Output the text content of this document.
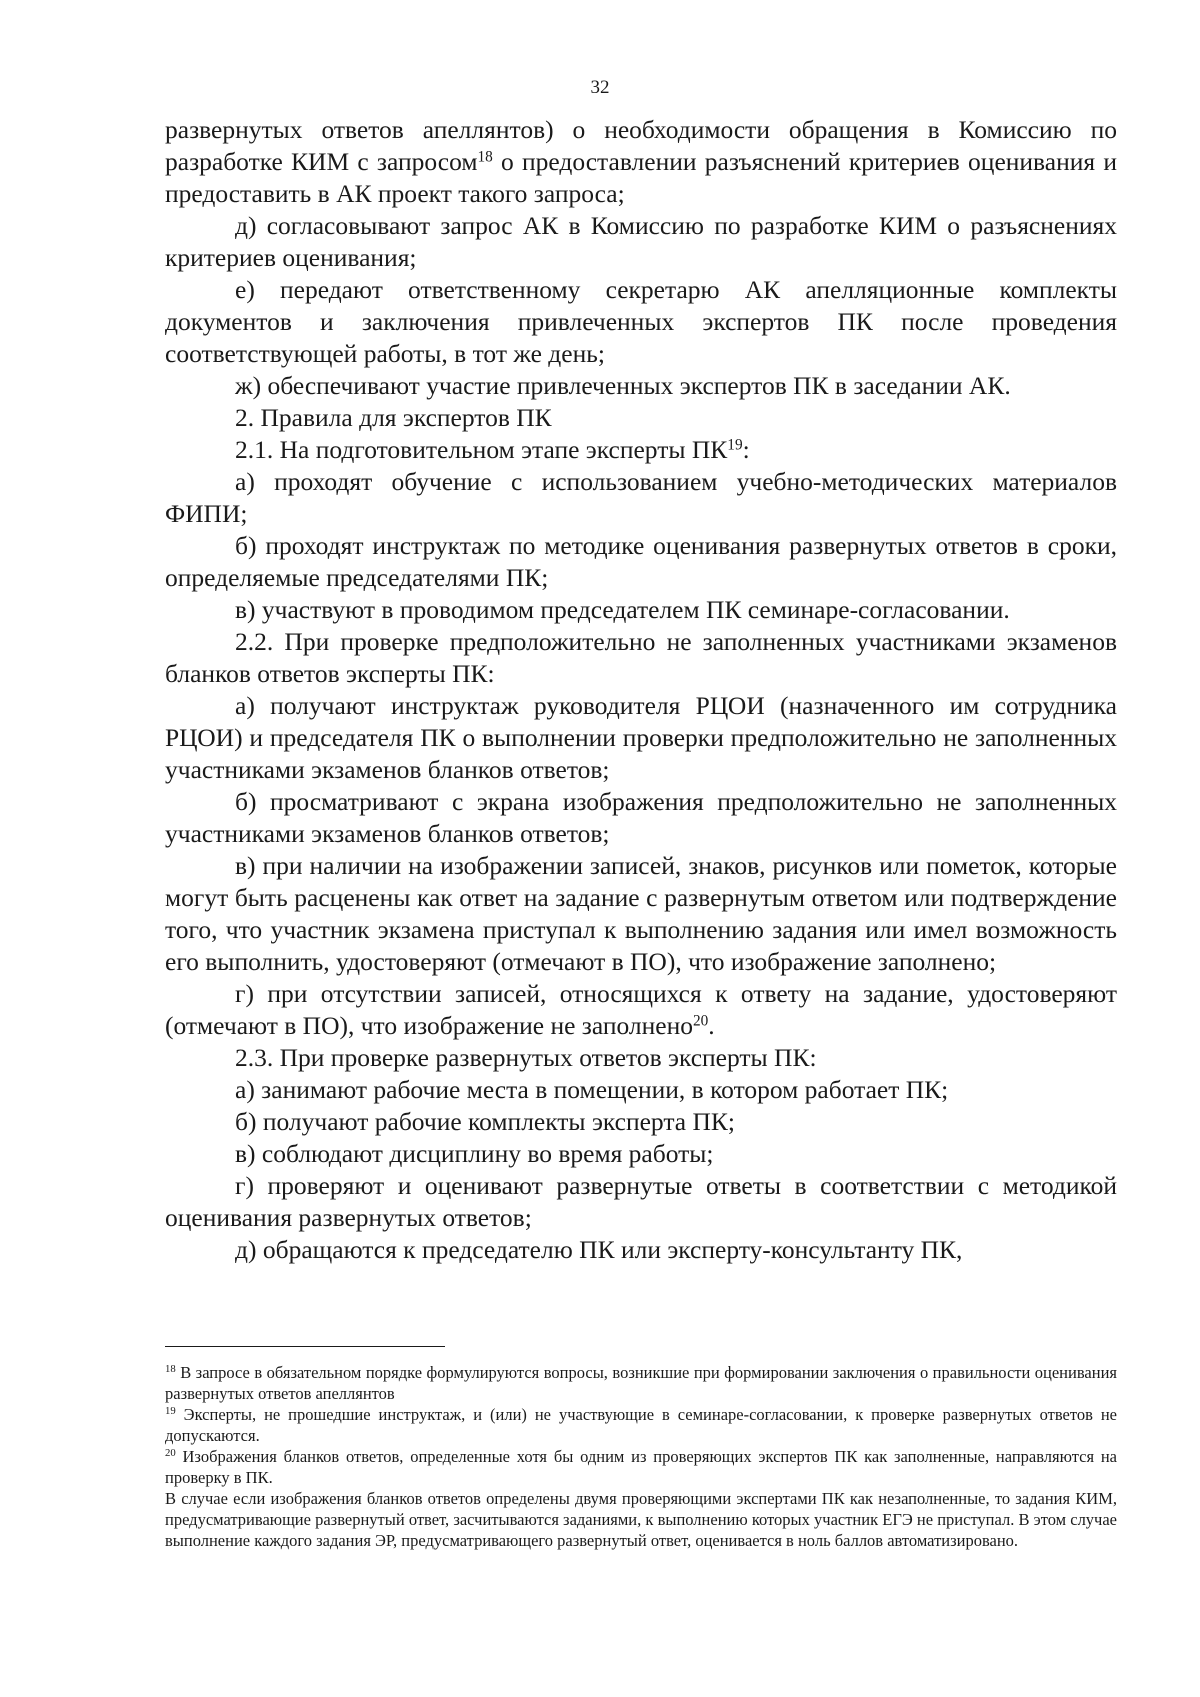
32

развернутых ответов апеллянтов) о необходимости обращения в Комиссию по разработке КИМ с запросом$^{18}$ о предоставлении разъяснений критериев оценивания и предоставить в АК проект такого запроса;

д) согласовывают запрос АК в Комиссию по разработке КИМ о разъяснениях критериев оценивания;

е) передают ответственному секретарю АК апелляционные комплекты документов и заключения привлеченных экспертов ПК после проведения соответствующей работы, в тот же день;

ж) обеспечивают участие привлеченных экспертов ПК в заседании АК.

2. Правила для экспертов ПК

2.1. На подготовительном этапе эксперты ПК$^{19}$:

а) проходят обучение с использованием учебно-методических материалов ФИПИ;

б) проходят инструктаж по методике оценивания развернутых ответов в сроки, определяемые председателями ПК;

в) участвуют в проводимом председателем ПК семинаре-согласовании.

2.2. При проверке предположительно не заполненных участниками экзаменов бланков ответов эксперты ПК:

а) получают инструктаж руководителя РЦОИ (назначенного им сотрудника РЦОИ) и председателя ПК о выполнении проверки предположительно не заполненных участниками экзаменов бланков ответов;

б) просматривают с экрана изображения предположительно не заполненных участниками экзаменов бланков ответов;

в) при наличии на изображении записей, знаков, рисунков или пометок, которые могут быть расценены как ответ на задание с развернутым ответом или подтверждение того, что участник экзамена приступал к выполнению задания или имел возможность его выполнить, удостоверяют (отмечают в ПО), что изображение заполнено;

г) при отсутствии записей, относящихся к ответу на задание, удостоверяют (отмечают в ПО), что изображение не заполнено$^{20}$.

2.3. При проверке развернутых ответов эксперты ПК:

а) занимают рабочие места в помещении, в котором работает ПК;

б) получают рабочие комплекты эксперта ПК;

в) соблюдают дисциплину во время работы;

г) проверяют и оценивают развернутые ответы в соответствии с методикой оценивания развернутых ответов;

д) обращаются к председателю ПК или эксперту-консультанту ПК,

$^{18}$ В запросе в обязательном порядке формулируются вопросы, возникшие при формировании заключения о правильности оценивания развернутых ответов апеллянтов

$^{19}$ Эксперты, не прошедшие инструктаж, и (или) не участвующие в семинаре-согласовании, к проверке развернутых ответов не допускаются.

$^{20}$ Изображения бланков ответов, определенные хотя бы одним из проверяющих экспертов ПК как заполненные, направляются на проверку в ПК.

В случае если изображения бланков ответов определены двумя проверяющими экспертами ПК как незаполненные, то задания КИМ, предусматривающие развернутый ответ, засчитываются заданиями, к выполнению которых участник ЕГЭ не приступал. В этом случае выполнение каждого задания ЭР, предусматривающего развернутый ответ, оценивается в ноль баллов автоматизировано.
